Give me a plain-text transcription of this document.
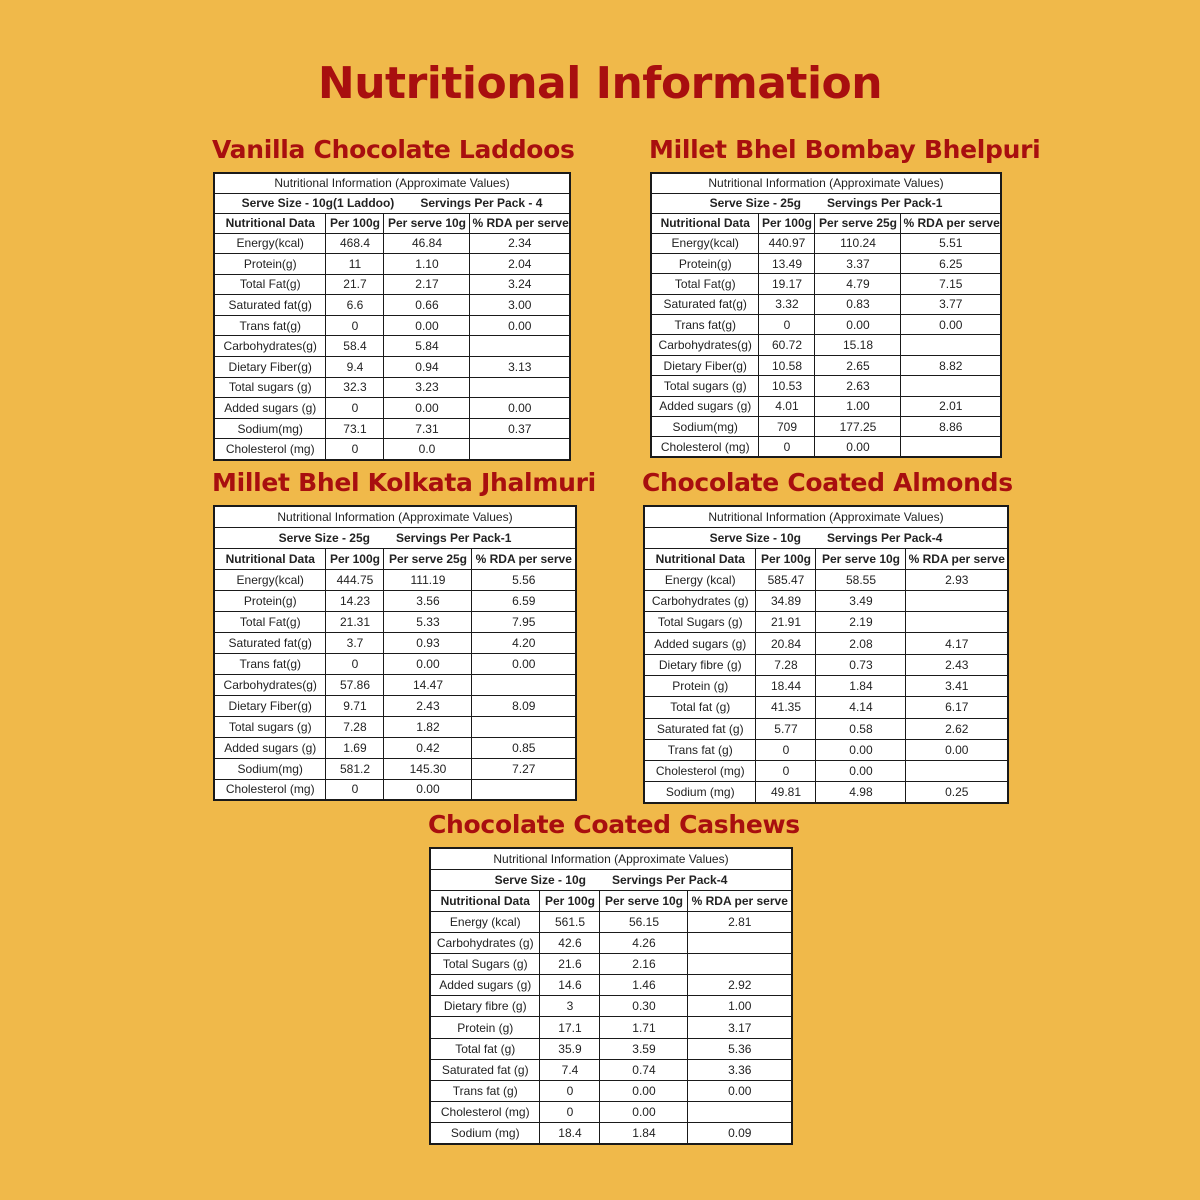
Nutritional Information
Vanilla Chocolate Laddoos
Nutritional Information (Approximate Values)			
Serve Size - 10g(1 Laddoo) Servings Per Pack - 4			
Nutritional Data	Per 100g	Per serve 10g	% RDA per serve
Energy(kcal)	468.4	46.84	2.34
Protein(g)	11	1.10	2.04
Total Fat(g)	21.7	2.17	3.24
Saturated fat(g)	6.6	0.66	3.00
Trans fat(g)	0	0.00	0.00
Carbohydrates(g)	58.4	5.84	
Dietary Fiber(g)	9.4	0.94	3.13
Total sugars (g)	32.3	3.23	
Added sugars (g)	0	0.00	0.00
Sodium(mg)	73.1	7.31	0.37
Cholesterol (mg)	0	0.0	
Millet Bhel Bombay Bhelpuri
Nutritional Information (Approximate Values)			
Serve Size - 25g Servings Per Pack-1			
Nutritional Data	Per 100g	Per serve 25g	% RDA per serve
Energy(kcal)	440.97	110.24	5.51
Protein(g)	13.49	3.37	6.25
Total Fat(g)	19.17	4.79	7.15
Saturated fat(g)	3.32	0.83	3.77
Trans fat(g)	0	0.00	0.00
Carbohydrates(g)	60.72	15.18	
Dietary Fiber(g)	10.58	2.65	8.82
Total sugars (g)	10.53	2.63	
Added sugars (g)	4.01	1.00	2.01
Sodium(mg)	709	177.25	8.86
Cholesterol (mg)	0	0.00	
Millet Bhel Kolkata Jhalmuri
Nutritional Information (Approximate Values)			
Serve Size - 25g Servings Per Pack-1			
Nutritional Data	Per 100g	Per serve 25g	% RDA per serve
Energy(kcal)	444.75	111.19	5.56
Protein(g)	14.23	3.56	6.59
Total Fat(g)	21.31	5.33	7.95
Saturated fat(g)	3.7	0.93	4.20
Trans fat(g)	0	0.00	0.00
Carbohydrates(g)	57.86	14.47	
Dietary Fiber(g)	9.71	2.43	8.09
Total sugars (g)	7.28	1.82	
Added sugars (g)	1.69	0.42	0.85
Sodium(mg)	581.2	145.30	7.27
Cholesterol (mg)	0	0.00	
Chocolate Coated Almonds
Nutritional Information (Approximate Values)			
Serve Size - 10g Servings Per Pack-4			
Nutritional Data	Per 100g	Per serve 10g	% RDA per serve
Energy (kcal)	585.47	58.55	2.93
Carbohydrates (g)	34.89	3.49	
Total Sugars (g)	21.91	2.19	
Added sugars (g)	20.84	2.08	4.17
Dietary fibre (g)	7.28	0.73	2.43
Protein (g)	18.44	1.84	3.41
Total fat (g)	41.35	4.14	6.17
Saturated fat (g)	5.77	0.58	2.62
Trans fat (g)	0	0.00	0.00
Cholesterol (mg)	0	0.00	
Sodium (mg)	49.81	4.98	0.25
Chocolate Coated Cashews
Nutritional Information (Approximate Values)			
Serve Size - 10g Servings Per Pack-4			
Nutritional Data	Per 100g	Per serve 10g	% RDA per serve
Energy (kcal)	561.5	56.15	2.81
Carbohydrates (g)	42.6	4.26	
Total Sugars (g)	21.6	2.16	
Added sugars (g)	14.6	1.46	2.92
Dietary fibre (g)	3	0.30	1.00
Protein (g)	17.1	1.71	3.17
Total fat (g)	35.9	3.59	5.36
Saturated fat (g)	7.4	0.74	3.36
Trans fat (g)	0	0.00	0.00
Cholesterol (mg)	0	0.00	
Sodium (mg)	18.4	1.84	0.09
